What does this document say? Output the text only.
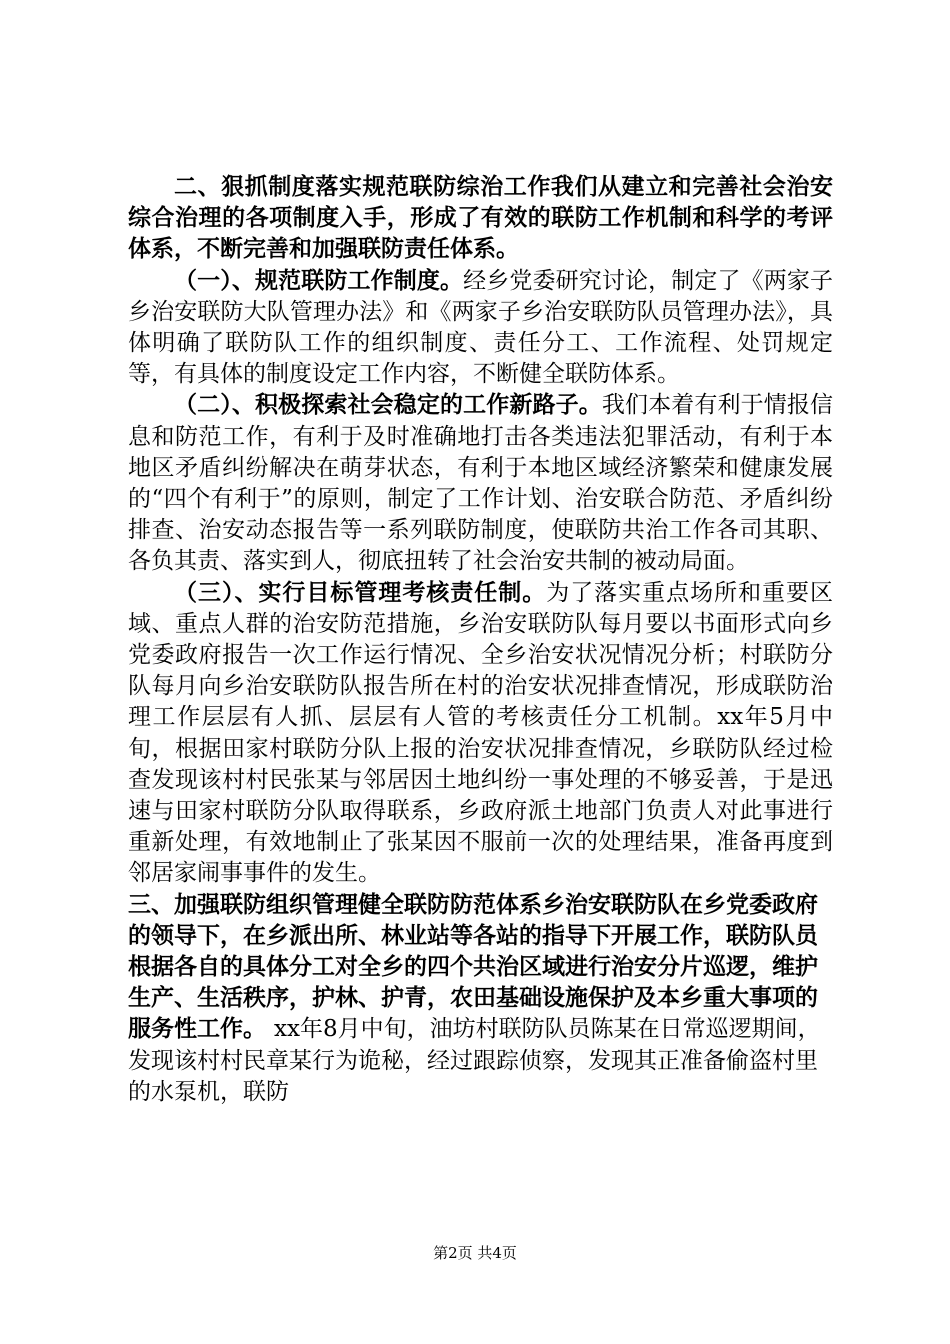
二、狠抓制度落实规范联防综治工作我们从建立和完善社会治安综合治理的各项制度入手，形成了有效的联防工作机制和科学的考评体系，不断完善和加强联防责任体系。

（一）、规范联防工作制度。经乡党委研究讨论，制定了《两家子乡治安联防大队管理办法》和《两家子乡治安联防队员管理办法》，具体明确了联防队工作的组织制度、责任分工、工作流程、处罚规定等，有具体的制度设定工作内容，不断健全联防体系。

（二）、积极探索社会稳定的工作新路子。我们本着有利于情报信息和防范工作，有利于及时准确地打击各类违法犯罪活动，有利于本地区矛盾纠纷解决在萌芽状态，有利于本地区域经济繁荣和健康发展的“四个有利于”的原则，制定了工作计划、治安联合防范、矛盾纠纷排查、治安动态报告等一系列联防制度，使联防共治工作各司其职、各负其责、落实到人，彻底扭转了社会治安共制的被动局面。

（三）、实行目标管理考核责任制。为了落实重点场所和重要区域、重点人群的治安防范措施，乡治安联防队每月要以书面形式向乡党委政府报告一次工作运行情况、全乡治安状况情况分析；村联防分队每月向乡治安联防队报告所在村的治安状况排查情况，形成联防治理工作层层有人抓、层层有人管的考核责任分工机制。xx年5月中旬，根据田家村联防分队上报的治安状况排查情况，乡联防队经过检查发现该村村民张某与邻居因土地纠纷一事处理的不够妥善，于是迅速与田家村联防分队取得联系，乡政府派土地部门负责人对此事进行重新处理，有效地制止了张某因不服前一次的处理结果，准备再度到邻居家闹事事件的发生。

三、加强联防组织管理健全联防防范体系乡治安联防队在乡党委政府的领导下，在乡派出所、林业站等各站的指导下开展工作，联防队员根据各自的具体分工对全乡的四个共治区域进行治安分片巡逻，维护生产、生活秩序，护林、护青，农田基础设施保护及本乡重大事项的服务性工作。 xx年8月中旬，油坊村联防队员陈某在日常巡逻期间，发现该村村民章某行为诡秘，经过跟踪侦察，发现其正准备偷盗村里的水泵机，联防
第2页 共4页
